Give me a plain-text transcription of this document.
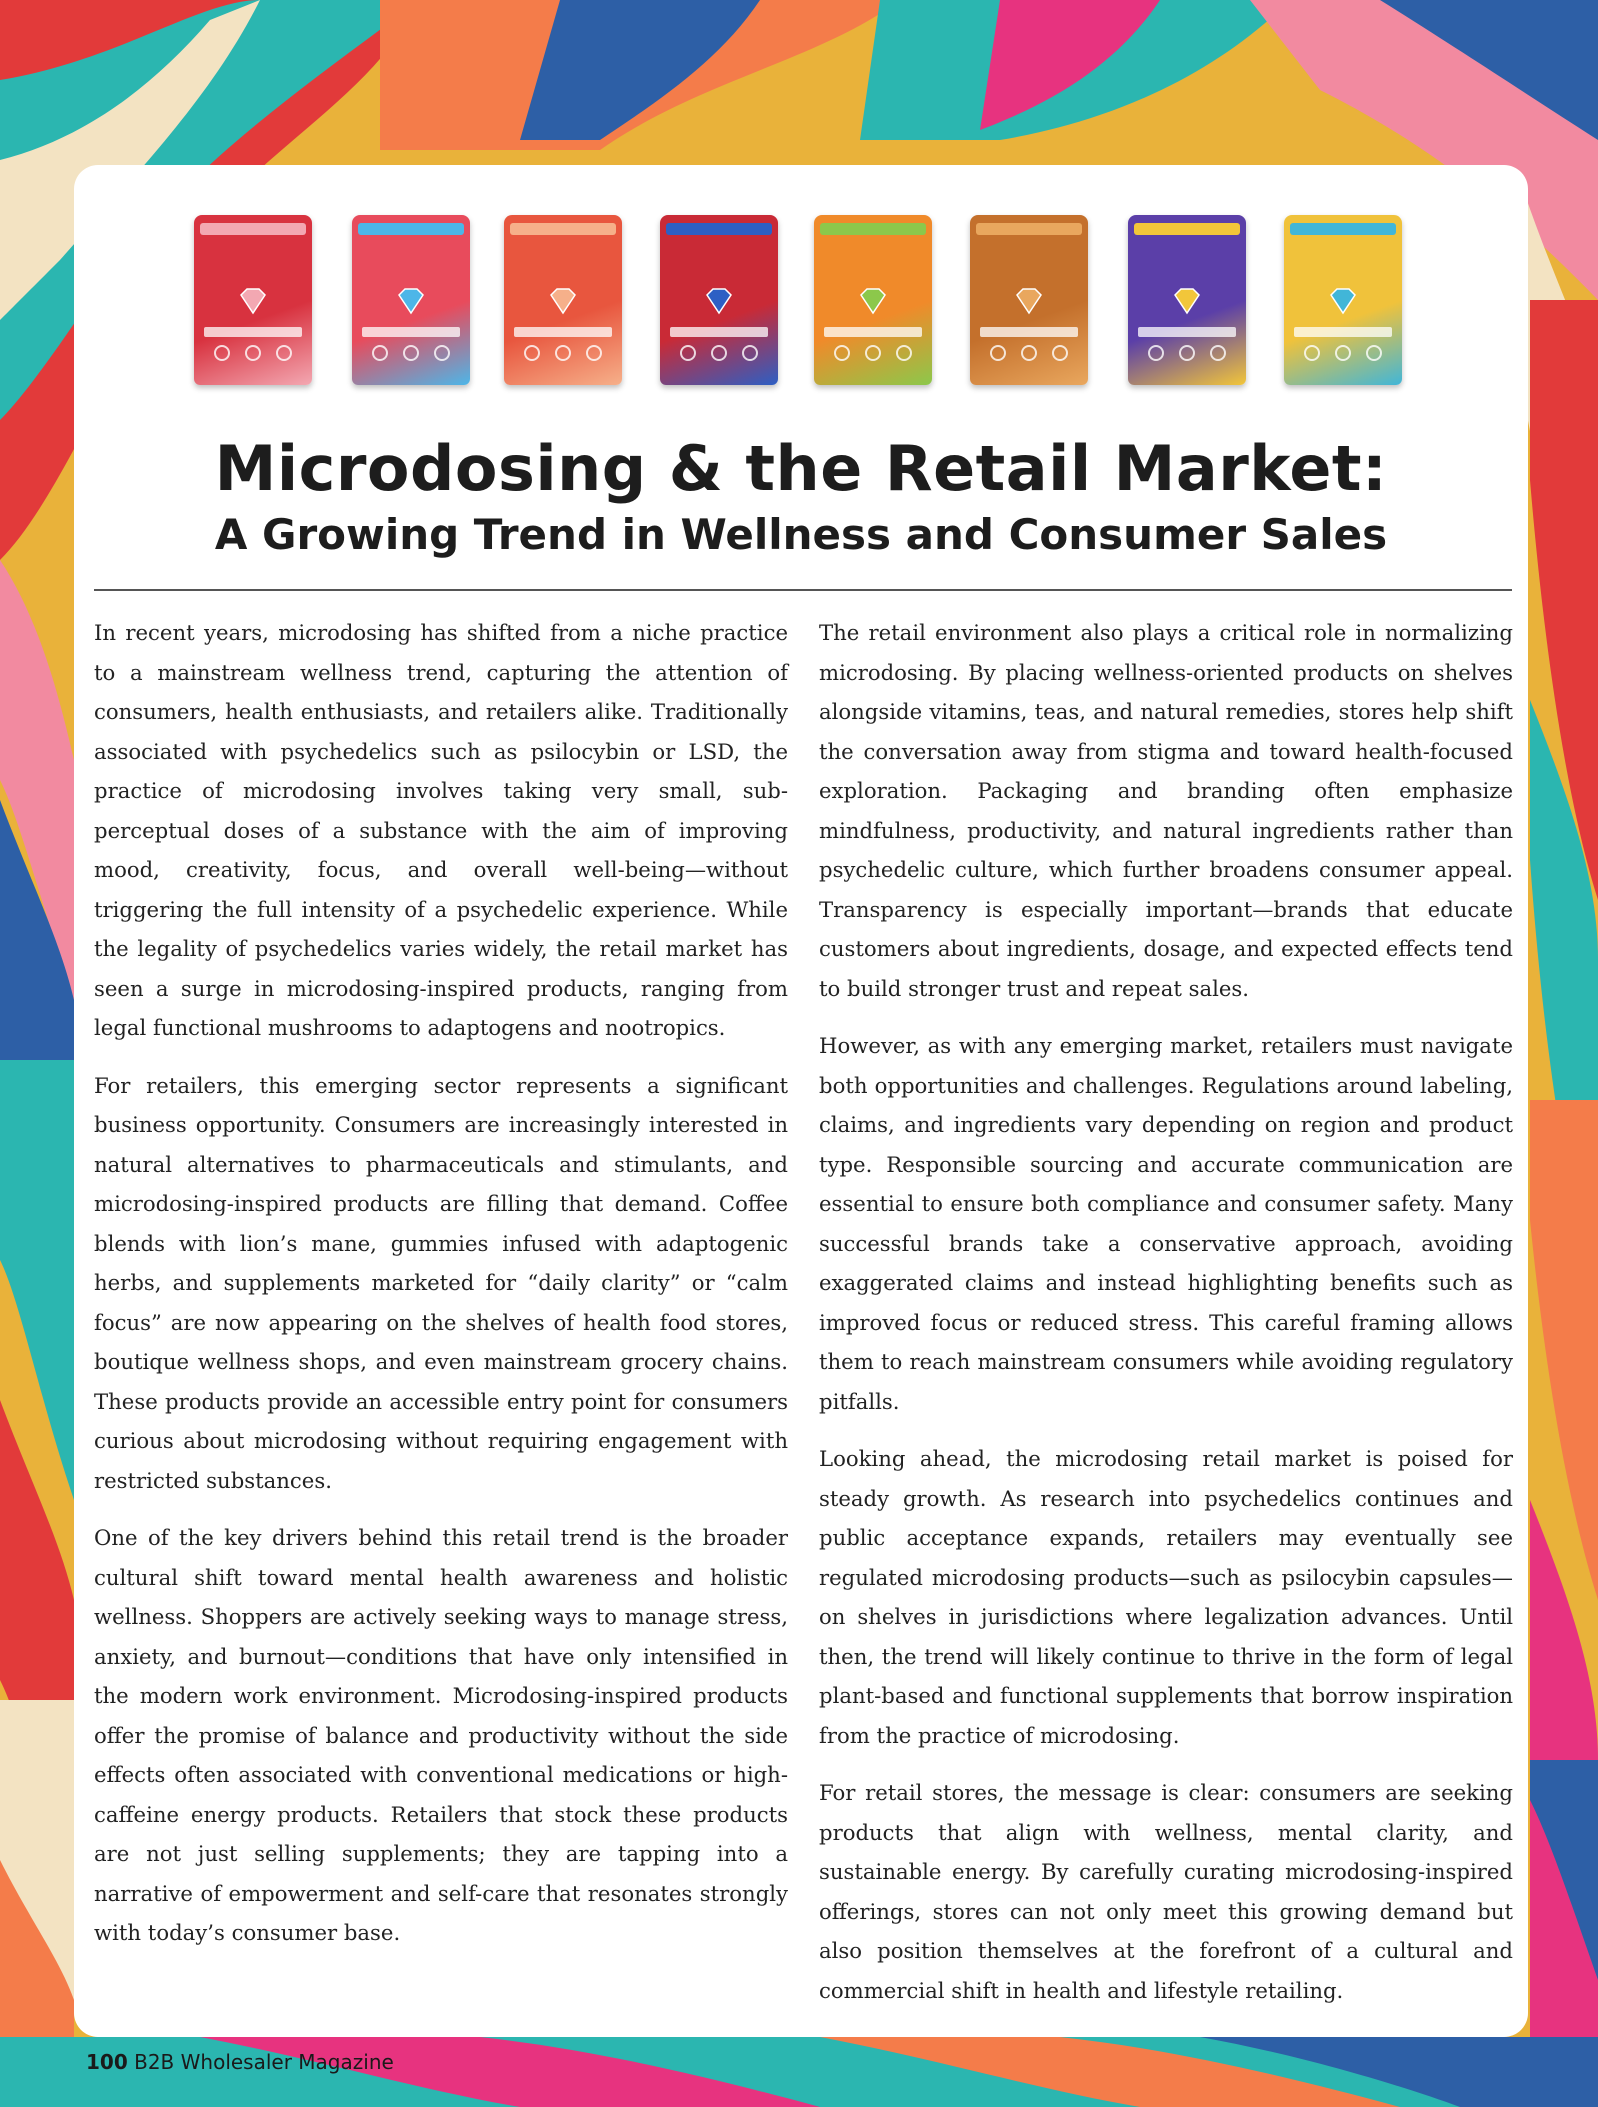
Microdosing & the Retail Market:
A Growing Trend in Wellness and Consumer Sales

In recent years, microdosing has shifted from a niche practice to a mainstream wellness trend, capturing the attention of consumers, health enthusiasts, and retailers alike. Traditionally associated with psychedelics such as psilocybin or LSD, the practice of microdosing involves taking very small, sub-perceptual doses of a substance with the aim of improving mood, creativity, focus, and overall well-being—without triggering the full intensity of a psychedelic experience. While the legality of psychedelics varies widely, the retail market has seen a surge in microdosing-inspired products, ranging from legal functional mushrooms to adaptogens and nootropics.

For retailers, this emerging sector represents a significant business opportunity. Consumers are increasingly interested in natural alternatives to pharmaceuticals and stimulants, and microdosing-inspired products are filling that demand. Coffee blends with lion’s mane, gummies infused with adaptogenic herbs, and supplements marketed for “daily clarity” or “calm focus” are now appearing on the shelves of health food stores, boutique wellness shops, and even mainstream grocery chains. These products provide an accessible entry point for consumers curious about microdosing without requiring engagement with restricted substances.

One of the key drivers behind this retail trend is the broader cultural shift toward mental health awareness and holistic wellness. Shoppers are actively seeking ways to manage stress, anxiety, and burnout—conditions that have only intensified in the modern work environment. Microdosing-inspired products offer the promise of balance and productivity without the side effects often associated with conventional medications or high-caffeine energy products. Retailers that stock these products are not just selling supplements; they are tapping into a narrative of empowerment and self-care that resonates strongly with today’s consumer base.

The retail environment also plays a critical role in normalizing microdosing. By placing wellness-oriented products on shelves alongside vitamins, teas, and natural remedies, stores help shift the conversation away from stigma and toward health-focused exploration. Packaging and branding often emphasize mindfulness, productivity, and natural ingredients rather than psychedelic culture, which further broadens consumer appeal. Transparency is especially important—brands that educate customers about ingredients, dosage, and expected effects tend to build stronger trust and repeat sales.

However, as with any emerging market, retailers must navigate both opportunities and challenges. Regulations around labeling, claims, and ingredients vary depending on region and product type. Responsible sourcing and accurate communication are essential to ensure both compliance and consumer safety. Many successful brands take a conservative approach, avoiding exaggerated claims and instead highlighting benefits such as improved focus or reduced stress. This careful framing allows them to reach mainstream consumers while avoiding regulatory pitfalls.

Looking ahead, the microdosing retail market is poised for steady growth. As research into psychedelics continues and public acceptance expands, retailers may eventually see regulated microdosing products—such as psilocybin capsules—on shelves in jurisdictions where legalization advances. Until then, the trend will likely continue to thrive in the form of legal plant-based and functional supplements that borrow inspiration from the practice of microdosing.

For retail stores, the message is clear: consumers are seeking products that align with wellness, mental clarity, and sustainable energy. By carefully curating microdosing-inspired offerings, stores can not only meet this growing demand but also position themselves at the forefront of a cultural and commercial shift in health and lifestyle retailing.

100 B2B Wholesaler Magazine
